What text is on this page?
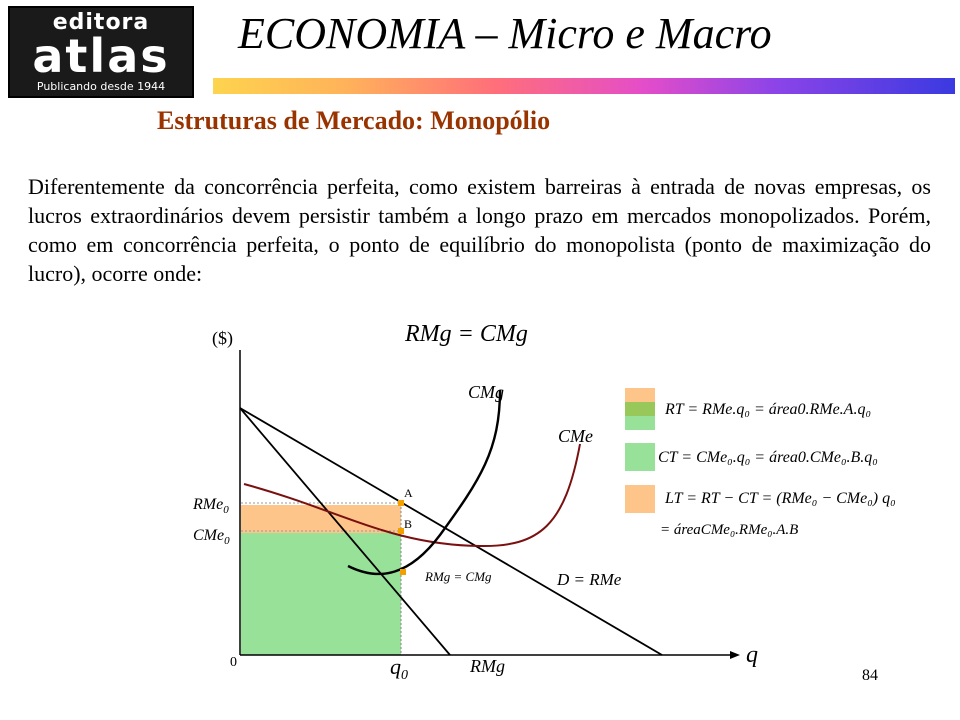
editora
atlas
Publicando desde 1944
ECONOMIA – Micro e Macro
Estruturas de Mercado: Monopólio
Diferentemente da concorrência perfeita, como existem barreiras à entrada de novas empresas, os lucros extraordinários devem persistir também a longo prazo em mercados monopolizados. Porém, como em concorrência perfeita, o ponto de equilíbrio do monopolista (ponto de maximização do lucro), ocorre onde:
RMg = CMg
($)
q
0
A
B
CMg
CMe
RMg
D = RMe
RMg = CMg
RMe$_0$
CMe$_0$
$q_0$
RT = RMe.q₀ = área0.RMe.A.q₀
CT = CMe₀.q₀ = área0.CMe₀.B.q₀
LT = RT − CT = (RMe₀ − CMe₀) q₀
= áreaCMe₀.RMe₀.A.B
84
